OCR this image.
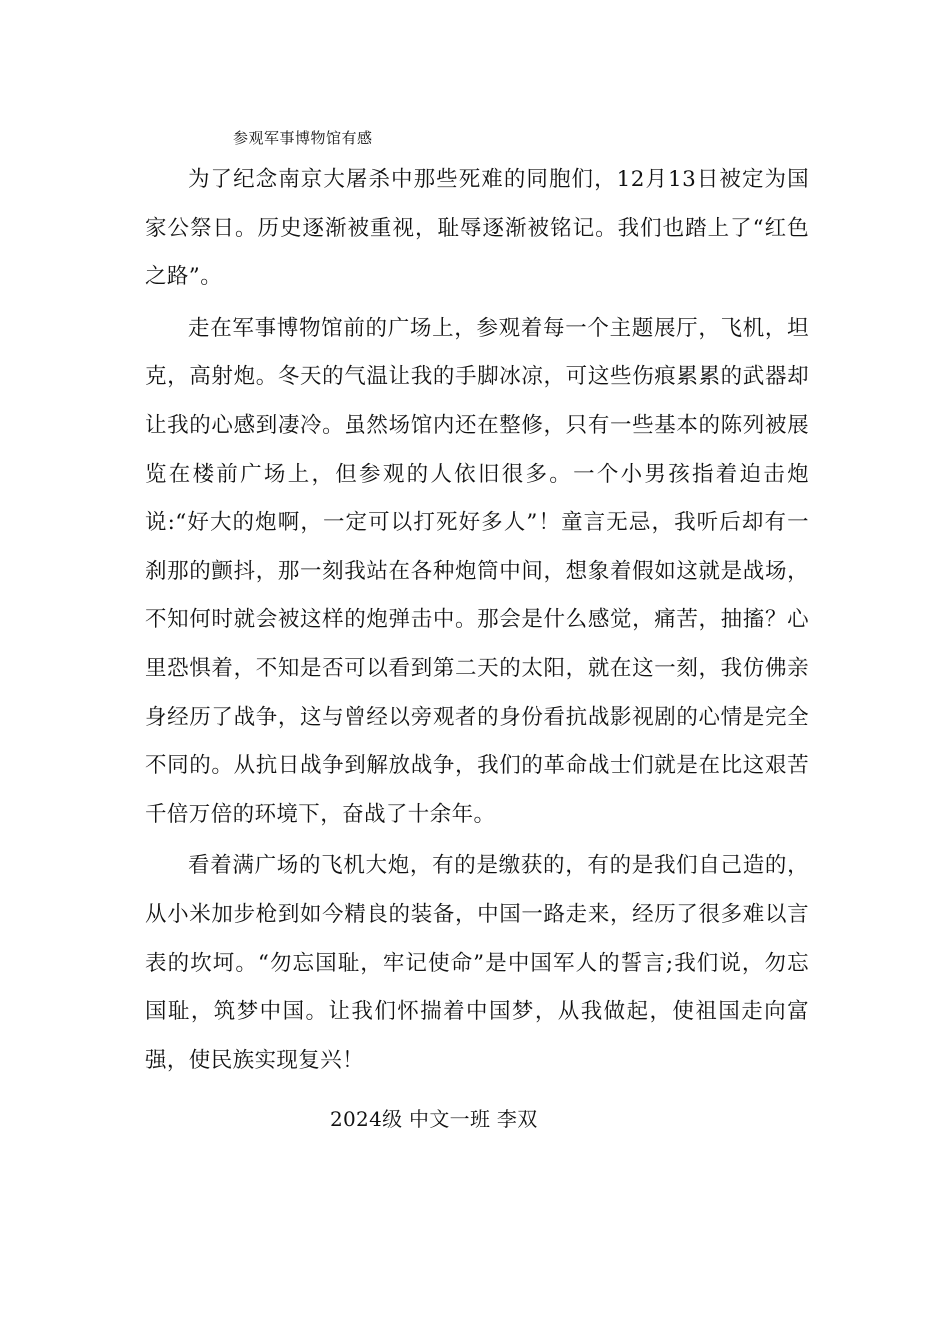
参观军事博物馆有感

为了纪念南京大屠杀中那些死难的同胞们，12月13日被定为国家公祭日。历史逐渐被重视，耻辱逐渐被铭记。我们也踏上了“红色之路”。

走在军事博物馆前的广场上，参观着每一个主题展厅，飞机，坦克，高射炮。冬天的气温让我的手脚冰凉，可这些伤痕累累的武器却让我的心感到凄冷。虽然场馆内还在整修，只有一些基本的陈列被展览在楼前广场上，但参观的人依旧很多。一个小男孩指着迫击炮说:“好大的炮啊，一定可以打死好多人”！童言无忌，我听后却有一刹那的颤抖，那一刻我站在各种炮筒中间，想象着假如这就是战场，不知何时就会被这样的炮弹击中。那会是什么感觉，痛苦，抽搐？心里恐惧着，不知是否可以看到第二天的太阳，就在这一刻，我仿佛亲身经历了战争，这与曾经以旁观者的身份看抗战影视剧的心情是完全不同的。从抗日战争到解放战争，我们的革命战士们就是在比这艰苦千倍万倍的环境下，奋战了十余年。

看着满广场的飞机大炮，有的是缴获的，有的是我们自己造的，从小米加步枪到如今精良的装备，中国一路走来，经历了很多难以言表的坎坷。“勿忘国耻，牢记使命”是中国军人的誓言;我们说，勿忘国耻，筑梦中国。让我们怀揣着中国梦，从我做起，使祖国走向富强，使民族实现复兴！

2024级 中文一班 李双
